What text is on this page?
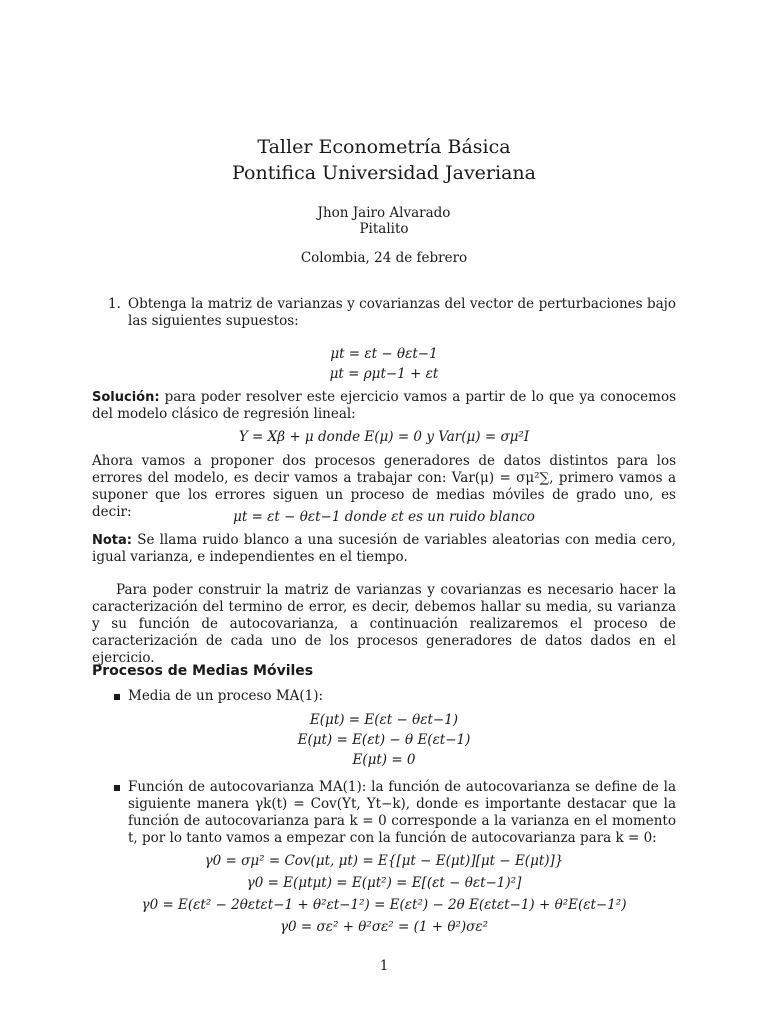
Taller Econometría Básica
Pontifica Universidad Javeriana
Jhon Jairo Alvarado
Pitalito
Colombia, 24 de febrero
1. Obtenga la matriz de varianzas y covarianzas del vector de perturbaciones bajo las siguientes supuestos:
μt = εt − θεt−1
μt = ρμt−1 + εt
Solución: para poder resolver este ejercicio vamos a partir de lo que ya conocemos del modelo clásico de regresión lineal:
Y = Xβ + μ donde E(μ) = 0 y Var(μ) = σμ²I
Ahora vamos a proponer dos procesos generadores de datos distintos para los errores del modelo, es decir vamos a trabajar con: Var(μ) = σμ²∑, primero vamos a suponer que los errores siguen un proceso de medias móviles de grado uno, es decir:	μt = εt − θεt−1 donde εt es un ruido blanco
Nota: Se llama ruido blanco a una sucesión de variables aleatorias con media cero, igual varianza, e independientes en el tiempo.
Para poder construir la matriz de varianzas y covarianzas es necesario hacer la caracterización del termino de error, es decir, debemos hallar su media, su varianza y su función de autocovarianza, a continuación realizaremos el proceso de caracterización de cada uno de los procesos generadores de datos dados en el ejercicio.
Procesos de Medias Móviles
Media de un proceso MA(1):
E(μt) = E(εt − θεt−1)
E(μt) = E(εt) − θ E(εt−1)
E(μt) = 0
Función de autocovarianza MA(1): la función de autocovarianza se define de la siguiente manera γk(t) = Cov(Yt, Yt−k), donde es importante destacar que la función de autocovarianza para k = 0 corresponde a la varianza en el momento t, por lo tanto vamos a empezar con la función de autocovarianza para k = 0:
γ0 = σμ² = Cov(μt, μt) = E{[μt − E(μt)][μt − E(μt)]}
γ0 = E(μtμt) = E(μt²) = E[(εt − θεt−1)²]
γ0 = E(εt² − 2θεtεt−1 + θ²εt−1²) = E(εt²) − 2θ E(εtεt−1) + θ²E(εt−1²)
γ0 = σε² + θ²σε² = (1 + θ²)σε²
1
